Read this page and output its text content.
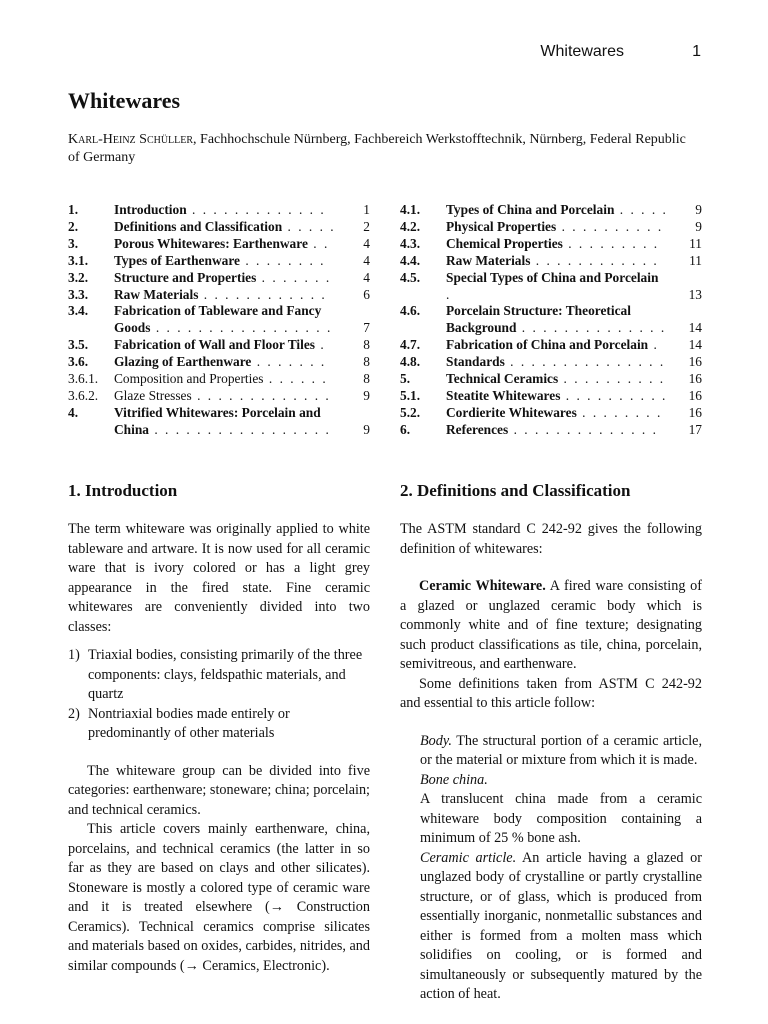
Whitewares	1
Whitewares
Karl-Heinz Schüller, Fachhochschule Nürnberg, Fachbereich Werkstofftechnik, Nürnberg, Federal Republic of Germany
1.	Introduction . . . . . . . . . . . . .	1
2.	Definitions and Classification . . . . .	2
3.	Porous Whitewares: Earthenware . .	4
3.1.	Types of Earthenware . . . . . . . .	4
3.2.	Structure and Properties . . . . . . .	4
3.3.	Raw Materials . . . . . . . . . . . .	6
3.4.	Fabrication of Tableware and Fancy Goods . . . . . . . . . . . . . . . . .	7
3.5.	Fabrication of Wall and Floor Tiles .	8
3.6.	Glazing of Earthenware . . . . . . .	8
3.6.1.	Composition and Properties . . . . . .	8
3.6.2.	Glaze Stresses . . . . . . . . . . . . .	9
4.	Vitrified Whitewares: Porcelain and China . . . . . . . . . . . . . . . . .	9
4.1.	Types of China and Porcelain . . . . .	9
4.2.	Physical Properties . . . . . . . . . .	9
4.3.	Chemical Properties . . . . . . . . .	11
4.4.	Raw Materials . . . . . . . . . . . .	11
4.5.	Special Types of China and Porcelain .	13
4.6.	Porcelain Structure: Theoretical Background . . . . . . . . . . . . . .	14
4.7.	Fabrication of China and Porcelain .	14
4.8.	Standards . . . . . . . . . . . . . . .	16
5.	Technical Ceramics . . . . . . . . . .	16
5.1.	Steatite Whitewares . . . . . . . . . .	16
5.2.	Cordierite Whitewares . . . . . . . .	16
6.	References . . . . . . . . . . . . . .	17
1. Introduction

The term whiteware was originally applied to white tableware and artware. It is now used for all ceramic ware that is ivory colored or has a light grey appearance in the fired state. Fine ceramic whitewares are conveniently divided into two classes:

1) Triaxial bodies, consisting primarily of the three components: clays, feldspathic materials, and quartz
2) Nontriaxial bodies made entirely or predominantly of other materials

The whiteware group can be divided into five categories: earthenware; stoneware; china; porcelain; and technical ceramics.

This article covers mainly earthenware, china, porcelains, and technical ceramics (the latter in so far as they are based on clays and other silicates). Stoneware is mostly a colored type of ceramic ware and it is treated elsewhere (→ Construction Ceramics). Technical ceramics comprise silicates and materials based on oxides, carbides, nitrides, and similar compounds (→ Ceramics, Electronic).

2. Definitions and Classification

The ASTM standard C 242-92 gives the following definition of whitewares:

Ceramic Whiteware. A fired ware consisting of a glazed or unglazed ceramic body which is commonly white and of fine texture; designating such product classifications as tile, china, porcelain, semivitreous, and earthenware.

Some definitions taken from ASTM C 242-92 and essential to this article follow:

Body. The structural portion of a ceramic article, or the material or mixture from which it is made.

Bone china.

A translucent china made from a ceramic whiteware body composition containing a minimum of 25 % bone ash.

Ceramic article. An article having a glazed or unglazed body of crystalline or partly crystalline structure, or of glass, which is produced from essentially inorganic, nonmetallic substances and either is formed from a molten mass which solidifies on cooling, or is formed and simultaneously or subsequently matured by the action of heat.
